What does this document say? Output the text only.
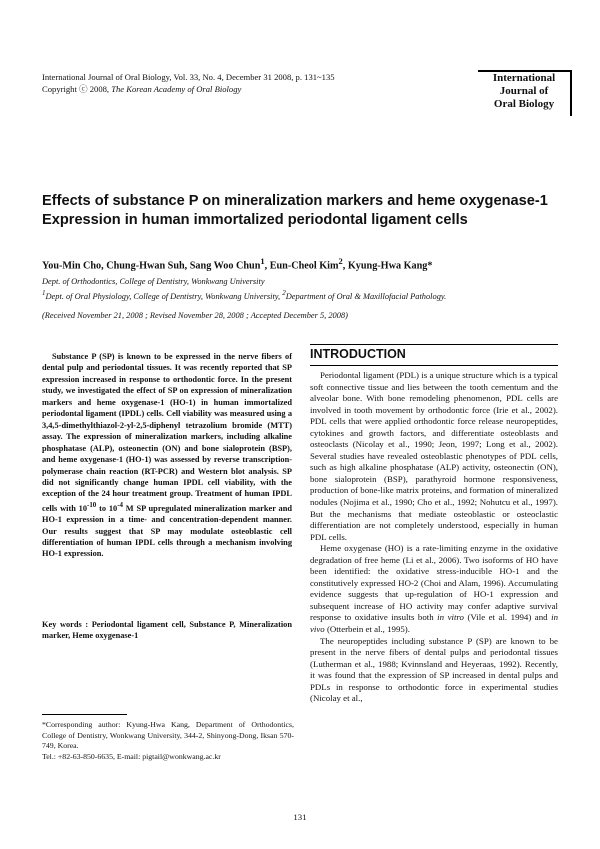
International Journal of Oral Biology, Vol. 33, No. 4, December 31 2008, p. 131~135
Copyright ⓒ 2008, The Korean Academy of Oral Biology
International
Journal of
Oral Biology
Effects of substance P on mineralization markers and heme oxygenase-1 Expression in human immortalized periodontal ligament cells
You-Min Cho, Chung-Hwan Suh, Sang Woo Chun$^1$, Eun-Cheol Kim$^2$, Kyung-Hwa Kang*
Dept. of Orthodontics, College of Dentistry, Wonkwang University
$^1$Dept. of Oral Physiology, College of Dentistry, Wonkwang University, $^2$Department of Oral & Maxillofacial Pathology.
(Received November 21, 2008 ; Revised November 28, 2008 ; Accepted December 5, 2008)

Substance P (SP) is known to be expressed in the nerve fibers of dental pulp and periodontal tissues. It was recently reported that SP expression increased in response to orthodontic force. In the present study, we investigated the effect of SP on expression of mineralization markers and heme oxygenase-1 (HO-1) in human immortalized periodontal ligament (IPDL) cells. Cell viability was measured using a 3,4,5-dimethylthiazol-2-yl-2,5-diphenyl tetrazolium bromide (MTT) assay. The expression of mineralization markers, including alkaline phosphatase (ALP), osteonectin (ON) and bone sialoprotein (BSP), and heme oxygenase-1 (HO-1) was assessed by reverse transcription-polymerase chain reaction (RT-PCR) and Western blot analysis. SP did not significantly change human IPDL cell viability, with the exception of the 24 hour treatment group. Treatment of human IPDL cells with $10^{-10}$ to $10^{-4}$ M SP upregulated mineralization marker and HO-1 expression in a time- and concentration-dependent manner. Our results suggest that SP may modulate osteoblastic cell differentiation of human IPDL cells through a mechanism involving HO-1 expression.

Key words : Periodontal ligament cell, Substance P, Mineralization marker, Heme oxygenase-1

*Corresponding author: Kyung-Hwa Kang, Department of Orthodontics, College of Dentistry, Wonkwang University, 344-2, Shinyong-Dong, Iksan 570-749, Korea.
Tel.: +82-63-850-6635, E-mail: pigtail@wonkwang.ac.kr

INTRODUCTION

Periodontal ligament (PDL) is a unique structure which is a typical soft connective tissue and lies between the tooth cementum and the alveolar bone. With bone remodeling phenomenon, PDL cells are involved in tooth movement by orthodontic force (Irie et al., 2002). PDL cells that were applied orthodontic force release neuropeptides, cytokines and growth factors, and differentiate osteoblasts and osteoclasts (Nicolay et al., 1990; Jeon, 1997; Long et al., 2002). Several studies have revealed osteoblastic phenotypes of PDL cells, such as high alkaline phosphatase (ALP) activity, osteonectin (ON), bone sialoprotein (BSP), parathyroid hormone responsiveness, production of bone-like matrix proteins, and formation of mineralized nodules (Nojima et al., 1990; Cho et al., 1992; Nohutcu et al., 1997). But the mechanisms that mediate osteoblastic or osteoclastic differentiation are not completely understood, especially in human PDL cells.

Heme oxygenase (HO) is a rate-limiting enzyme in the oxidative degradation of free heme (Li et al., 2006). Two isoforms of HO have been identified: the oxidative stress-inducible HO-1 and the constitutively expressed HO-2 (Choi and Alam, 1996). Accumulating evidence suggests that up-regulation of HO-1 expression and subsequent increase of HO activity may confer adaptive survival response to oxidative insults both in vitro (Vile et al. 1994) and in vivo (Otterbein et al., 1995).

The neuropeptides including substance P (SP) are known to be present in the nerve fibers of dental pulps and periodontal tissues (Lutherman et al., 1988; Kvinnsland and Heyeraas, 1992). Recently, it was found that the expression of SP increased in dental pulps and PDLs in response to orthodontic force in experimental studies (Nicolay et al.,

131
